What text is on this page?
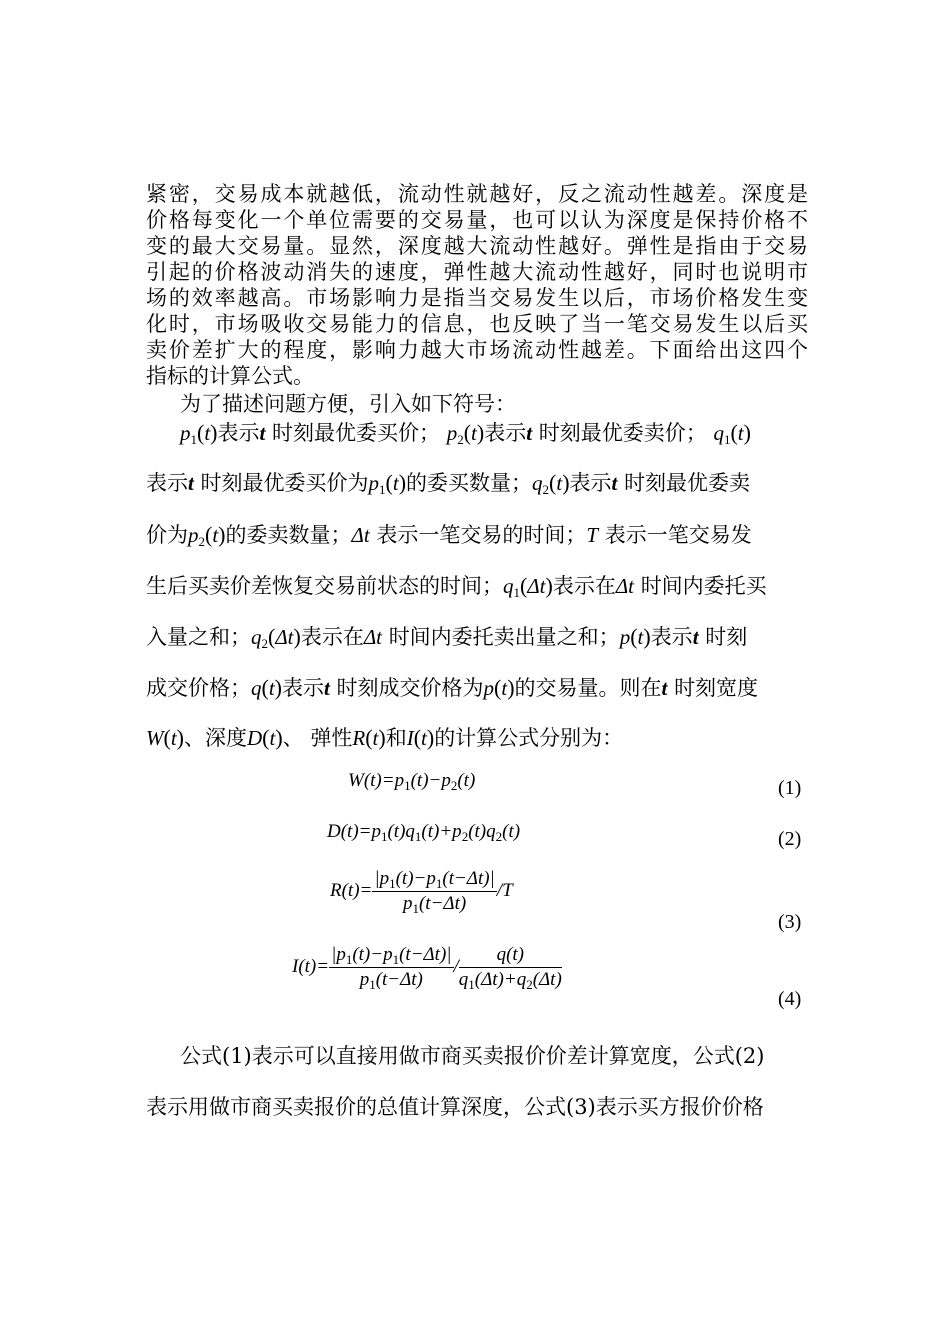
紧密，交易成本就越低，流动性就越好，反之流动性越差。深度是
价格每变化一个单位需要的交易量，也可以认为深度是保持价格不
变的最大交易量。显然，深度越大流动性越好。弹性是指由于交易
引起的价格波动消失的速度，弹性越大流动性越好，同时也说明市
场的效率越高。市场影响力是指当交易发生以后，市场价格发生变
化时，市场吸收交易能力的信息，也反映了当一笔交易发生以后买
卖价差扩大的程度，影响力越大市场流动性越差。下面给出这四个
指标的计算公式。
为了描述问题方便，引入如下符号：
p1(t)表示t 时刻最优委买价； p2(t)表示t 时刻最优委卖价； q1(t)
表示t 时刻最优委买价为p1(t)的委买数量；q2(t)表示t 时刻最优委卖
价为p2(t)的委卖数量；Δt 表示一笔交易的时间；T 表示一笔交易发
生后买卖价差恢复交易前状态的时间；q1(Δt)表示在Δt 时间内委托买
入量之和；q2(Δt)表示在Δt 时间内委托卖出量之和；p(t)表示t 时刻
成交价格；q(t)表示t 时刻成交价格为p(t)的交易量。则在t 时刻宽度
W(t)、深度D(t)、 弹性R(t)和I(t)的计算公式分别为：
$W(t)=p_1(t)-p_2(t)$	(1)
$D(t)=p_1(t)q_1(t)+p_2(t)q_2(t)$	(2)
$R(t)= \frac{|p_1(t)-p_1(t-\Delta t)|}{p_1(t-\Delta t)} /T$
(3)
$I(t)= \frac{|p_1(t)-p_1(t-\Delta t)|}{p_1(t-\Delta t)} / \frac{q(t)}{q_1(\Delta t)+q_2(\Delta t)}$
(4)
公式(1)表示可以直接用做市商买卖报价价差计算宽度，公式(2)
表示用做市商买卖报价的总值计算深度，公式(3)表示买方报价价格
